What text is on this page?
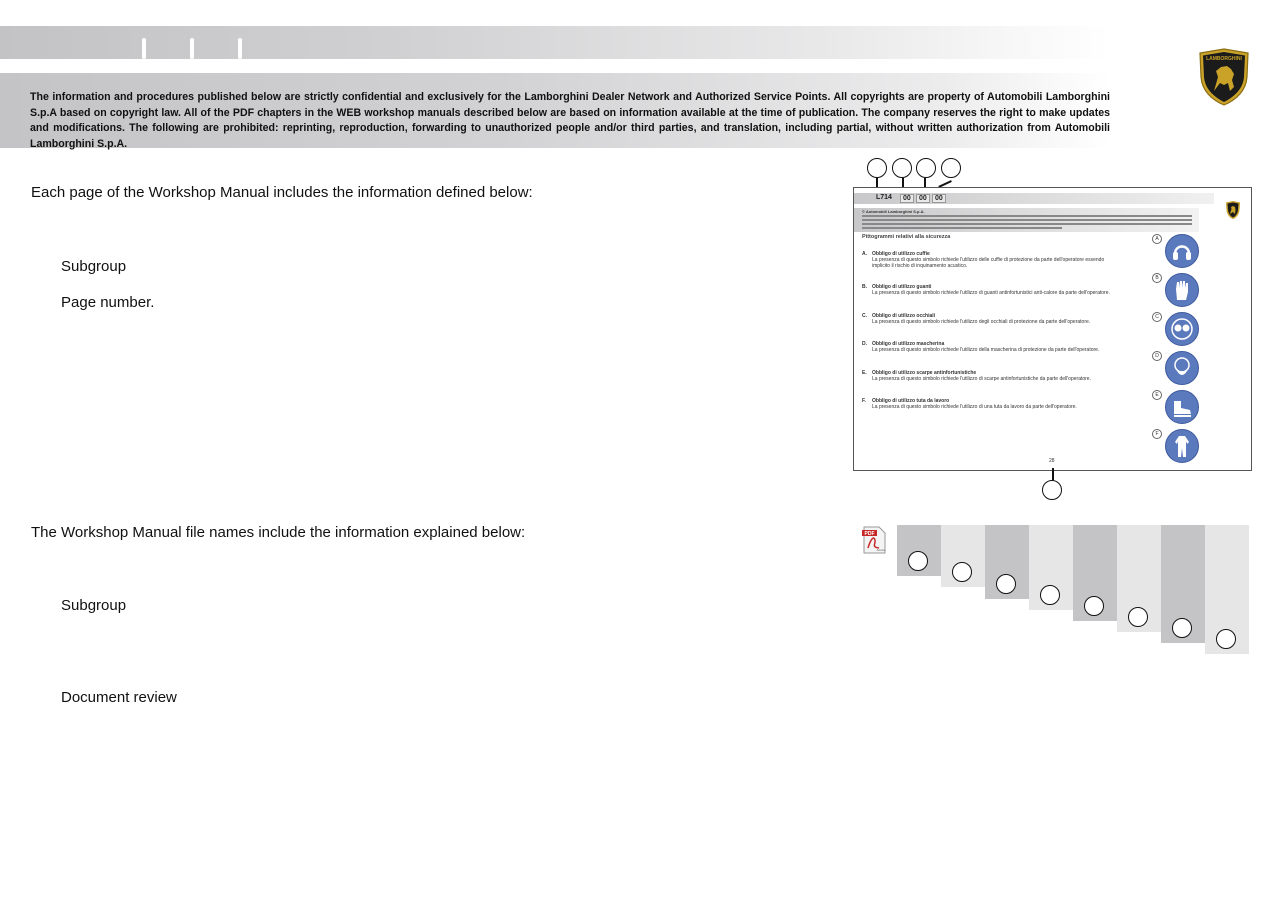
The information and procedures published below are strictly confidential and exclusively for the Lamborghini Dealer Network and Authorized Service Points. All copyrights are property of Automobili Lamborghini S.p.A based on copyright law. All of the PDF chapters in the WEB workshop manuals described below are based on information available at the time of publication. The company reserves the right to make updates and modifications. The following are prohibited: reprinting, reproduction, forwarding to unauthorized people and/or third parties, and translation, including partial, without written authorization from Automobili Lamborghini S.p.A.
LAMBORGHINI
Each page of the Workshop Manual includes the information defined below:
Subgroup
Page number.
The Workshop Manual file names include the information explained below:
Subgroup
Document review
L714	00	00	00
© Automobili Lamborghini S.p.A.
Pittogrammi relativi alla sicurezza
A. Obbligo di utilizzo cuffie
La presenza di questo simbolo richiede l'utilizzo delle cuffie di protezione da parte dell'operatore essendo implicito il rischio di inquinamento acustico.
B. Obbligo di utilizzo guanti
La presenza di questo simbolo richiede l'utilizzo di guanti antinfortunistici anti-calore da parte dell'operatore.
C. Obbligo di utilizzo occhiali
La presenza di questo simbolo richiede l'utilizzo degli occhiali di protezione da parte dell'operatore.
D. Obbligo di utilizzo mascherina
La presenza di questo simbolo richiede l'utilizzo della mascherina di protezione da parte dell'operatore.
E. Obbligo di utilizzo scarpe antinfortunistiche
La presenza di questo simbolo richiede l'utilizzo di scarpe antinfortunistiche da parte dell'operatore.
F. Obbligo di utilizzo tuta da lavoro
La presenza di questo simbolo richiede l'utilizzo di una tuta da lavoro da parte dell'operatore.
A
B
C
D
E
F
28
PDF
Adobe
